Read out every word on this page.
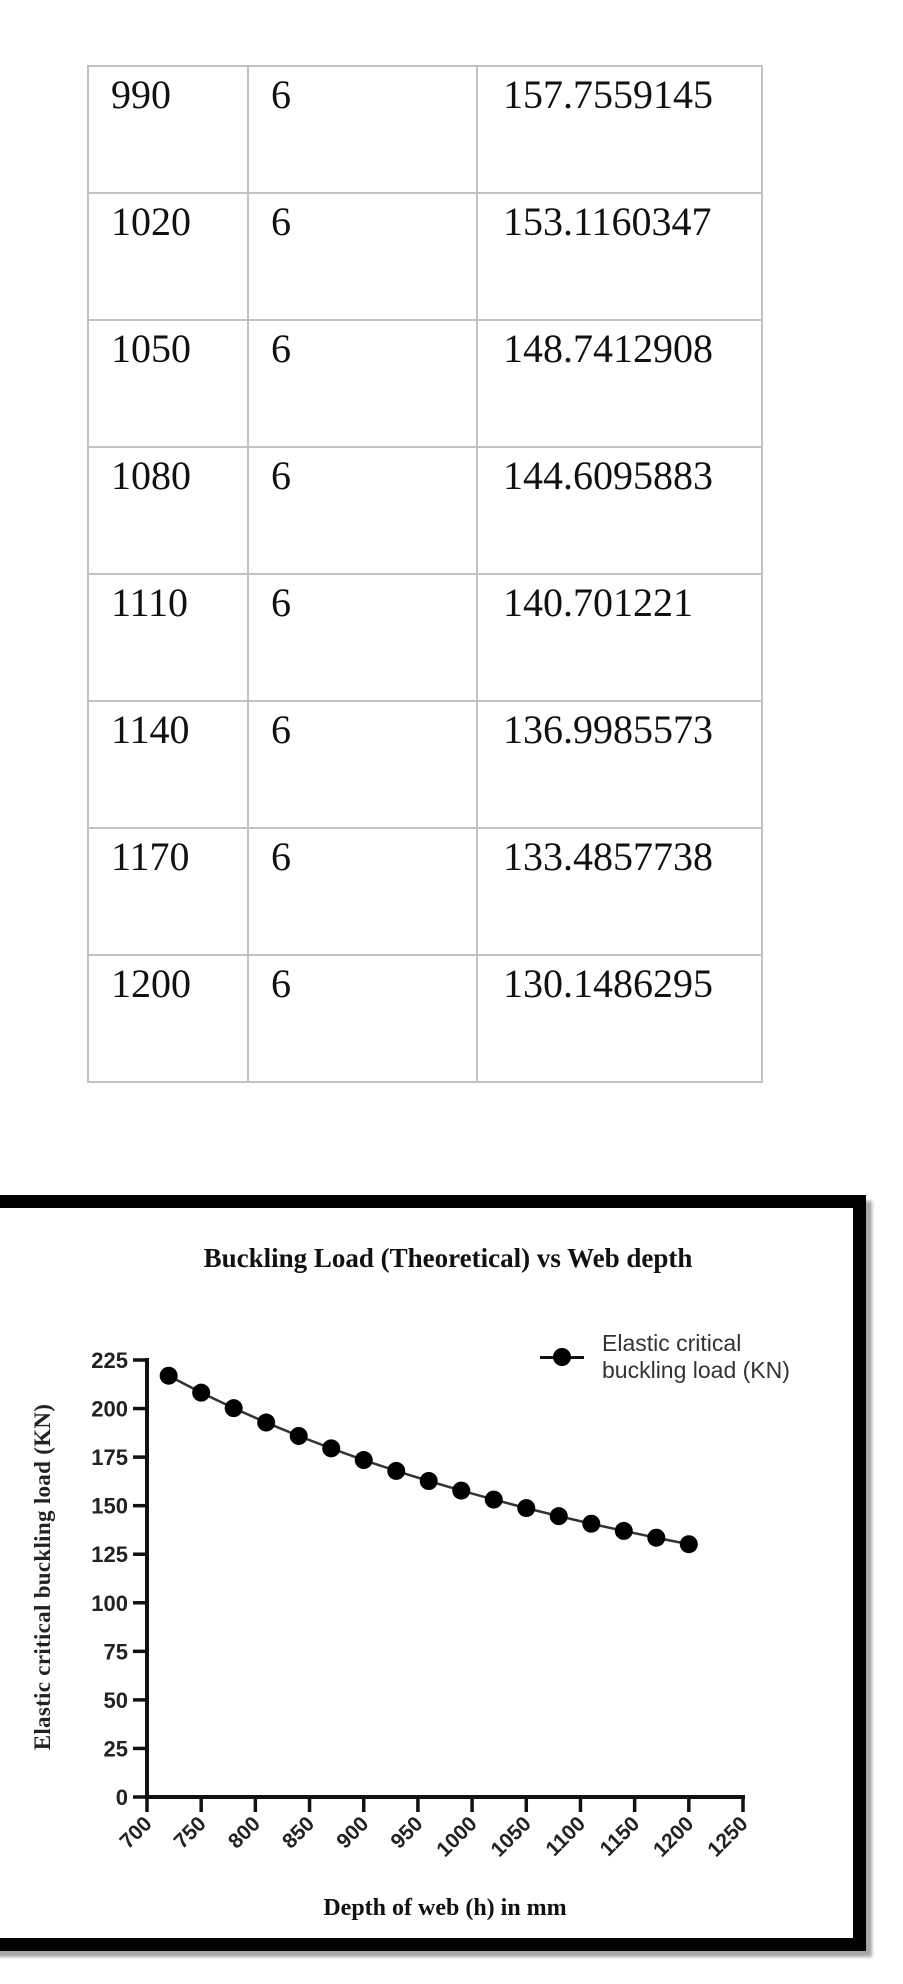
990	6	157.7559145
1020	6	153.1160347
1050	6	148.7412908
1080	6	144.6095883
1110	6	140.701221
1140	6	136.9985573
1170	6	133.4857738
1200	6	130.1486295
Buckling Load (Theoretical) vs Web depth
Elastic critical buckling load (KN)
Depth of web (h) in mm
Elastic critical
buckling load (KN)
0
25
50
75
100
125
150
175
200
225
700 750 800 850 900 950 1000 1050 1100 1150 1200 1250
